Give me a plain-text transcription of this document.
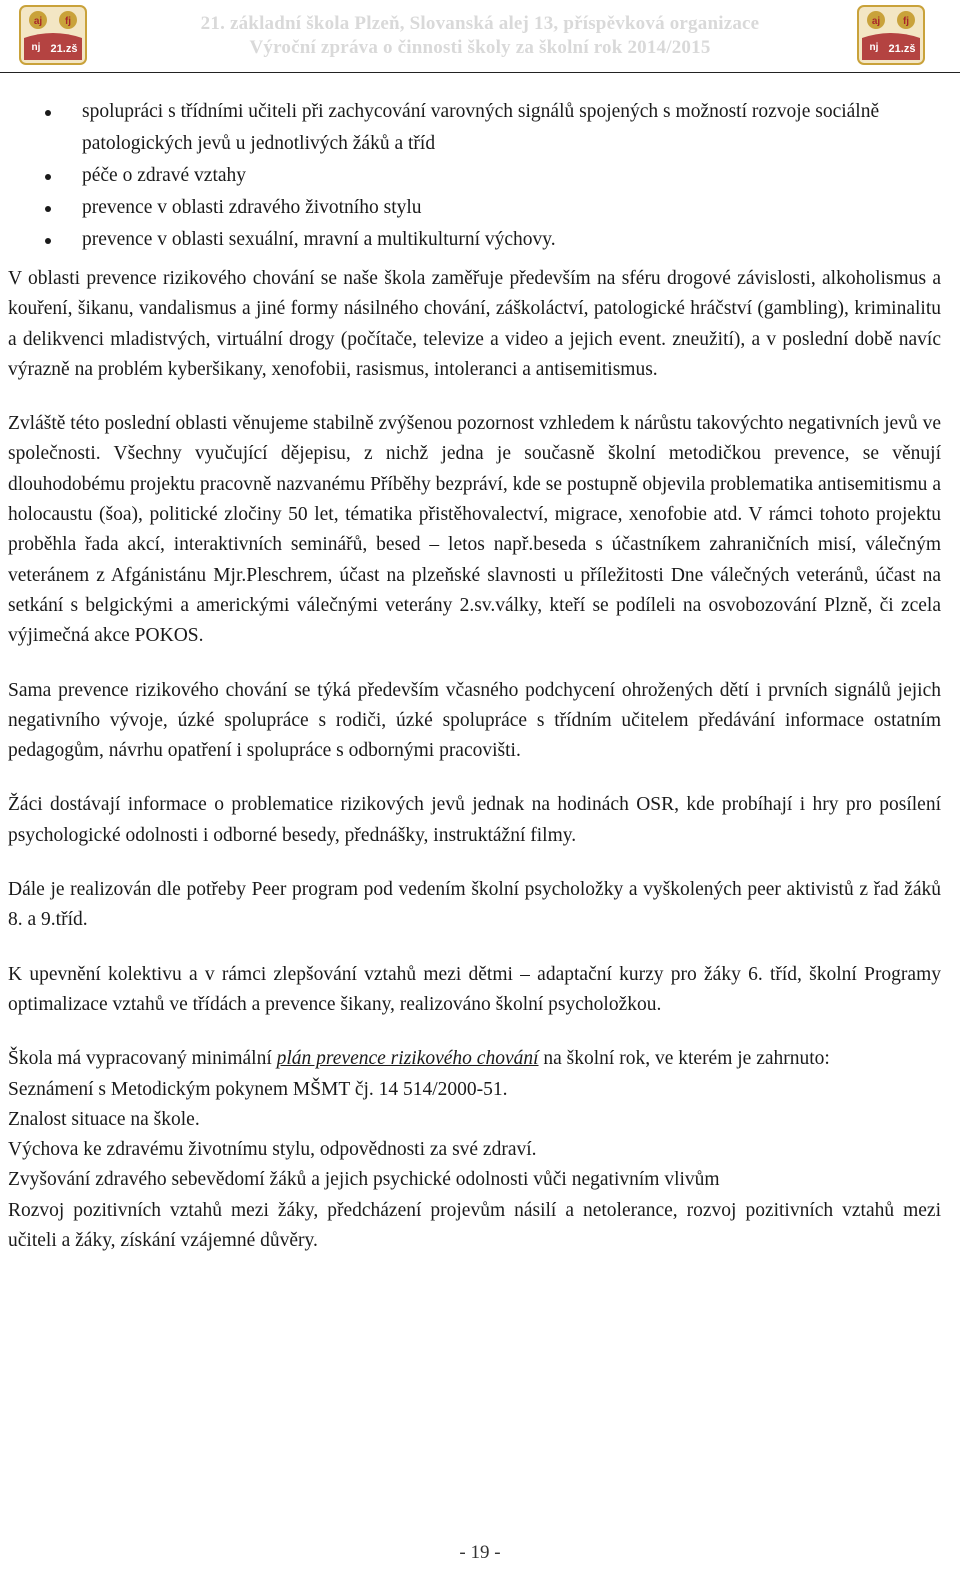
aj fj
nj 21.zš
21. základní škola Plzeň, Slovanská alej 13, příspěvková organizace
Výroční zpráva o činnosti školy za školní rok 2014/2015
aj fj
nj 21.zš
spolupráci s třídními učiteli při zachycování varovných signálů spojených s možností rozvoje sociálně patologických jevů u jednotlivých žáků a tříd
péče o zdravé vztahy
prevence v oblasti zdravého životního stylu
prevence v oblasti sexuální, mravní a multikulturní výchovy.

V oblasti prevence rizikového chování se naše škola zaměřuje především na sféru drogové závislosti, alkoholismus a kouření, šikanu, vandalismus a jiné formy násilného chování, záškoláctví, patologické hráčství (gambling), kriminalitu a delikvenci mladistvých, virtuální drogy (počítače, televize a video a jejich event. zneužití), a v poslední době navíc výrazně na problém kyberšikany, xenofobii, rasismus, intoleranci a antisemitismus.

Zvláště této poslední oblasti věnujeme stabilně zvýšenou pozornost vzhledem k nárůstu takovýchto negativních jevů ve společnosti. Všechny vyučující dějepisu, z nichž jedna je současně školní metodičkou prevence, se věnují dlouhodobému projektu pracovně nazvanému Příběhy bezpráví, kde se postupně objevila problematika antisemitismu a holocaustu (šoa), politické zločiny 50 let, tématika přistěhovalectví, migrace, xenofobie atd. V rámci tohoto projektu proběhla řada akcí, interaktivních seminářů, besed – letos např.beseda s účastníkem zahraničních misí, válečným veteránem z Afgánistánu Mjr.Pleschrem, účast na plzeňské slavnosti u příležitosti Dne válečných veteránů, účast na setkání s belgickými a americkými válečnými veterány 2.sv.války, kteří se podíleli na osvobozování Plzně, či zcela výjimečná akce POKOS.

Sama prevence rizikového chování se týká především včasného podchycení ohrožených dětí i prvních signálů jejich negativního vývoje, úzké spolupráce s rodiči, úzké spolupráce s třídním učitelem předávání informace ostatním pedagogům, návrhu opatření i spolupráce s odbornými pracovišti.

Žáci dostávají informace o problematice rizikových jevů jednak na hodinách OSR, kde probíhají i hry pro posílení psychologické odolnosti i odborné besedy, přednášky, instruktážní filmy.

Dále je realizován dle potřeby Peer program pod vedením školní psycholožky a vyškolených peer aktivistů z řad žáků 8. a 9.tříd.

K upevnění kolektivu a v rámci zlepšování vztahů mezi dětmi – adaptační kurzy pro žáky 6. tříd, školní Programy optimalizace vztahů ve třídách a prevence šikany, realizováno školní psycholožkou.

Škola má vypracovaný minimální plán prevence rizikového chování na školní rok, ve kterém je zahrnuto:

Seznámení s Metodickým pokynem MŠMT čj. 14 514/2000-51.
Znalost situace na škole.
Výchova ke zdravému životnímu stylu, odpovědnosti za své zdraví.
Zvyšování zdravého sebevědomí žáků a jejich psychické odolnosti vůči negativním vlivům
Rozvoj pozitivních vztahů mezi žáky, předcházení projevům násilí a netolerance, rozvoj pozitivních vztahů mezi učiteli a žáky, získání vzájemné důvěry.
- 19 -
